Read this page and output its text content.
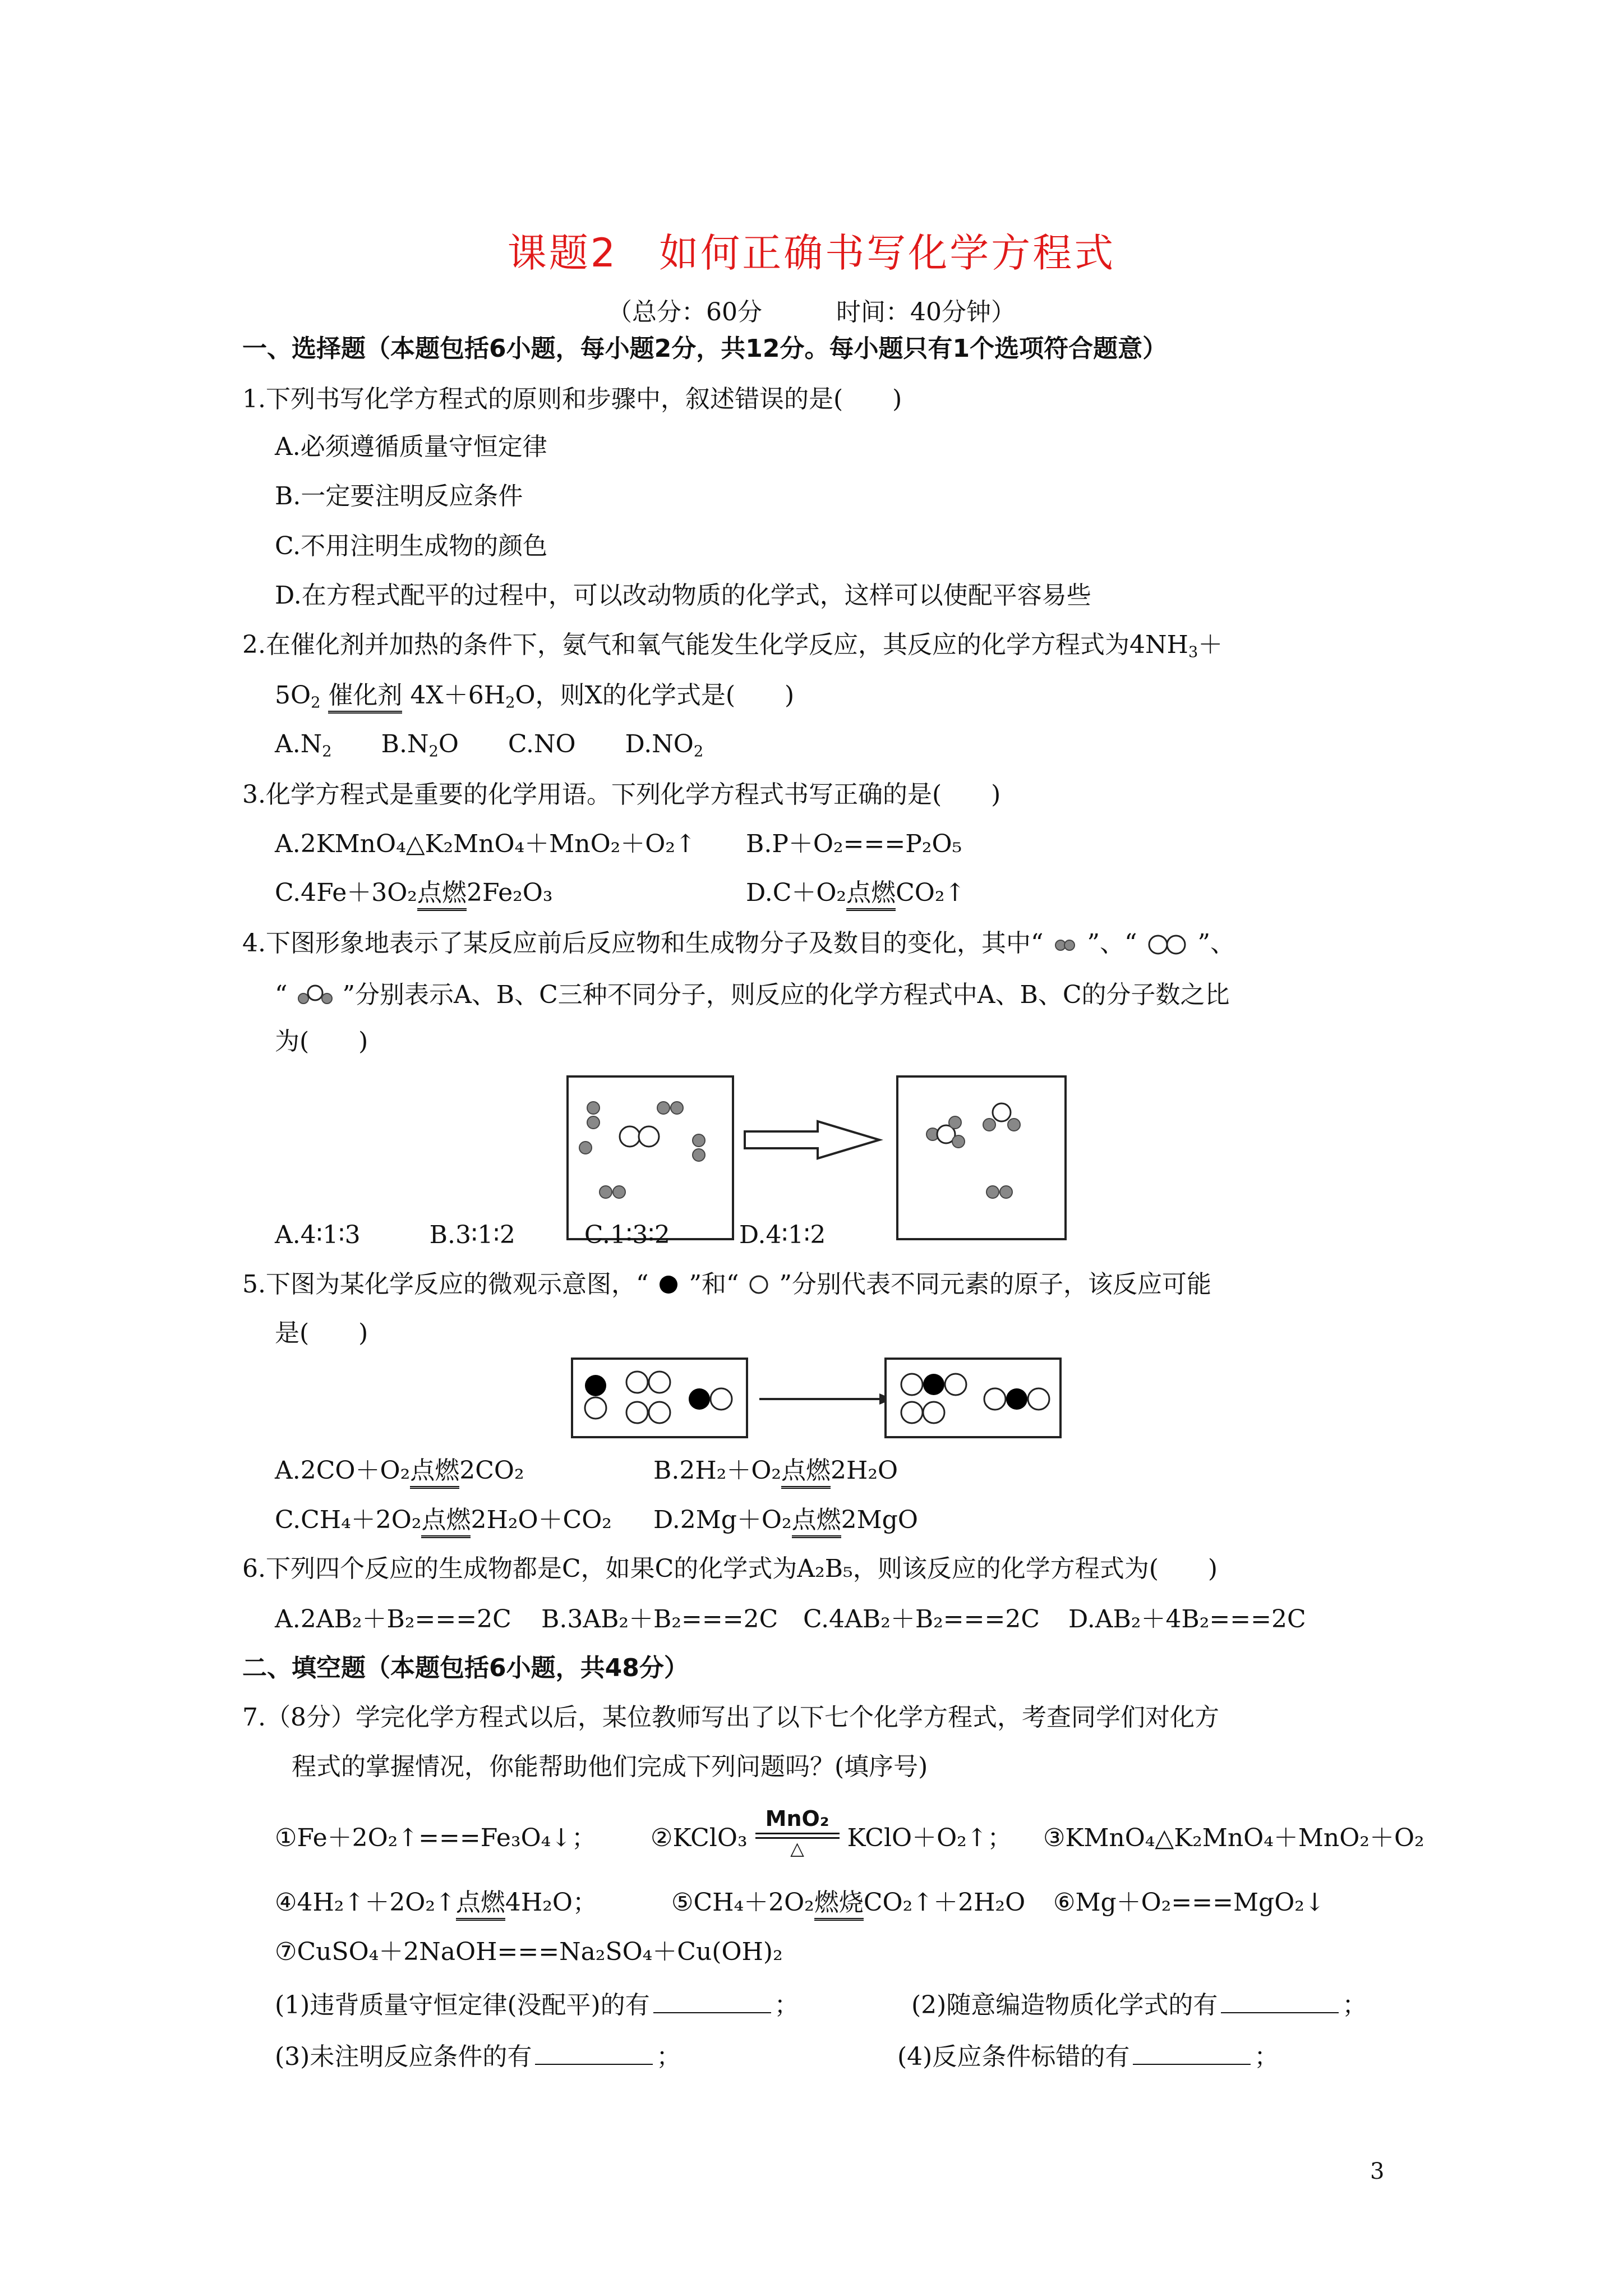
课题2　如何正确书写化学方程式
（总分：60分　　　时间：40分钟）
一、选择题（本题包括6小题，每小题2分，共12分。每小题只有1个选项符合题意）
1.下列书写化学方程式的原则和步骤中，叙述错误的是(　　)
A.必须遵循质量守恒定律
B.一定要注明反应条件
C.不用注明生成物的颜色
D.在方程式配平的过程中，可以改动物质的化学式，这样可以使配平容易些
2.在催化剂并加热的条件下，氨气和氧气能发生化学反应，其反应的化学方程式为$4NH_3+$
$5O_2$ 催化剂 $4X+6H_2O$，则X的化学式是(　　)
$A.N_2$ $B.N_2O$ C.NO $D.NO_2$
3.化学方程式是重要的化学用语。下列化学方程式书写正确的是(　　)
A.2KMnO₄△K₂MnO₄＋MnO₂＋O₂↑ B.P＋O₂===P₂O₅
C.4Fe＋3O₂点燃2Fe₂O₃	D.C＋O₂点燃CO₂↑
4.下图形象地表示了某反应前后反应物和生成物分子及数目的变化，其中“ ”、“ ”、
“ ”分别表示A、B、C三种不同分子，则反应的化学方程式中A、B、C的分子数之比
为(　　)
A.4∶1∶3	B.3∶1∶2	C.1∶3∶2	D.4∶1∶2
5.下图为某化学反应的微观示意图，“ ”和“ ”分别代表不同元素的原子，该反应可能
是(　　)
A.2CO＋O₂点燃2CO₂	B.2H₂＋O₂点燃2H₂O
C.CH₄＋2O₂点燃2H₂O＋CO₂ D.2Mg＋O₂点燃2MgO
6.下列四个反应的生成物都是C，如果C的化学式为A₂B₅，则该反应的化学方程式为(　　)
A.2AB₂＋B₂===2C B.3AB₂＋B₂===2C C.4AB₂＋B₂===2C D.AB₂＋4B₂===2C
二、填空题（本题包括6小题，共48分）
7.（8分）学完化学方程式以后，某位教师写出了以下七个化学方程式，考查同学们对化方
程式的掌握情况，你能帮助他们完成下列问题吗？(填序号)
①Fe＋2O₂↑===Fe₃O₄↓； ②KClO₃
MnO₂
△	KClO＋O₂↑； ③KMnO₄△K₂MnO₄＋MnO₂＋O₂
④4H₂↑＋2O₂↑点燃4H₂O；	⑤CH₄＋2O₂燃烧CO₂↑＋2H₂O ⑥Mg＋O₂===MgO₂↓
⑦CuSO₄＋2NaOH===Na₂SO₄＋Cu(OH)₂
(1)违背质量守恒定律(没配平)的有	；	(2)随意编造物质化学式的有	；
(3)未注明反应条件的有	；	(4)反应条件标错的有	；
3
